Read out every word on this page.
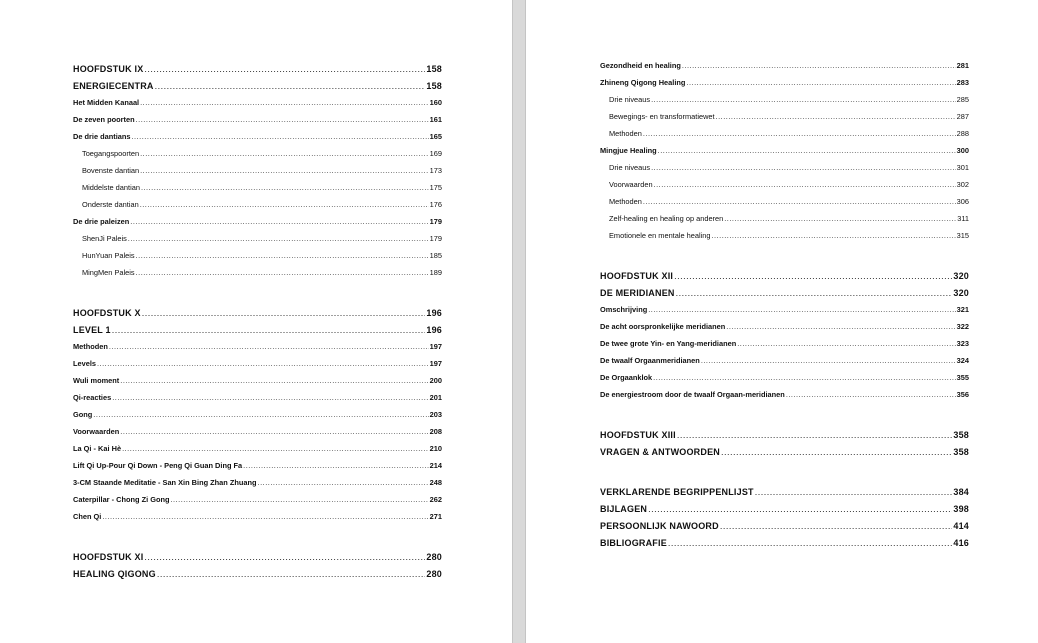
HOOFDSTUK IX .....	158
ENERGIECENTRA .....	158
Het Midden Kanaal .....	160
De zeven poorten .....	161
De drie dantians .....	165
Toegangspoorten .....	169
Bovenste dantian .....	173
Middelste dantian .....	175
Onderste dantian .....	176
De drie paleizen .....	179
ShenJi Paleis .....	179
HunYuan Paleis .....	185
MingMen Paleis .....	189
HOOFDSTUK X .....	196
LEVEL 1 .....	196
Methoden .....	197
Levels .....	197
Wuli moment .....	200
Qi-reacties .....	201
Gong .....	203
Voorwaarden .....	208
La Qi - Kai Hè .....	210
Lift Qi Up-Pour Qi Down - Peng Qi Guan Ding Fa .....	214
3-CM Staande Meditatie - San Xin Bing Zhan Zhuang .....	248
Caterpillar - Chong Zi Gong .....	262
Chen Qi .....	271
HOOFDSTUK XI .....	280
HEALING QIGONG .....	280
Gezondheid en healing .....	281
Zhineng Qigong Healing .....	283
Drie niveaus .....	285
Bewegings- en transformatiewet .....	287
Methoden .....	288
Mingjue Healing .....	300
Drie niveaus .....	301
Voorwaarden .....	302
Methoden .....	306
Zelf-healing en healing op anderen .....	311
Emotionele en mentale healing .....	315
HOOFDSTUK XII .....	320
DE MERIDIANEN .....	320
Omschrijving .....	321
De acht oorspronkelijke meridianen .....	322
De twee grote Yin- en Yang-meridianen .....	323
De twaalf Orgaanmeridianen .....	324
De Orgaanklok .....	355
De energiestroom door de twaalf Orgaan-meridianen .....	356
HOOFDSTUK XIII .....	358
VRAGEN & ANTWOORDEN .....	358
VERKLARENDE BEGRIPPENLIJST .....	384
BIJLAGEN .....	398
PERSOONLIJK NAWOORD .....	414
BIBLIOGRAFIE .....	416
